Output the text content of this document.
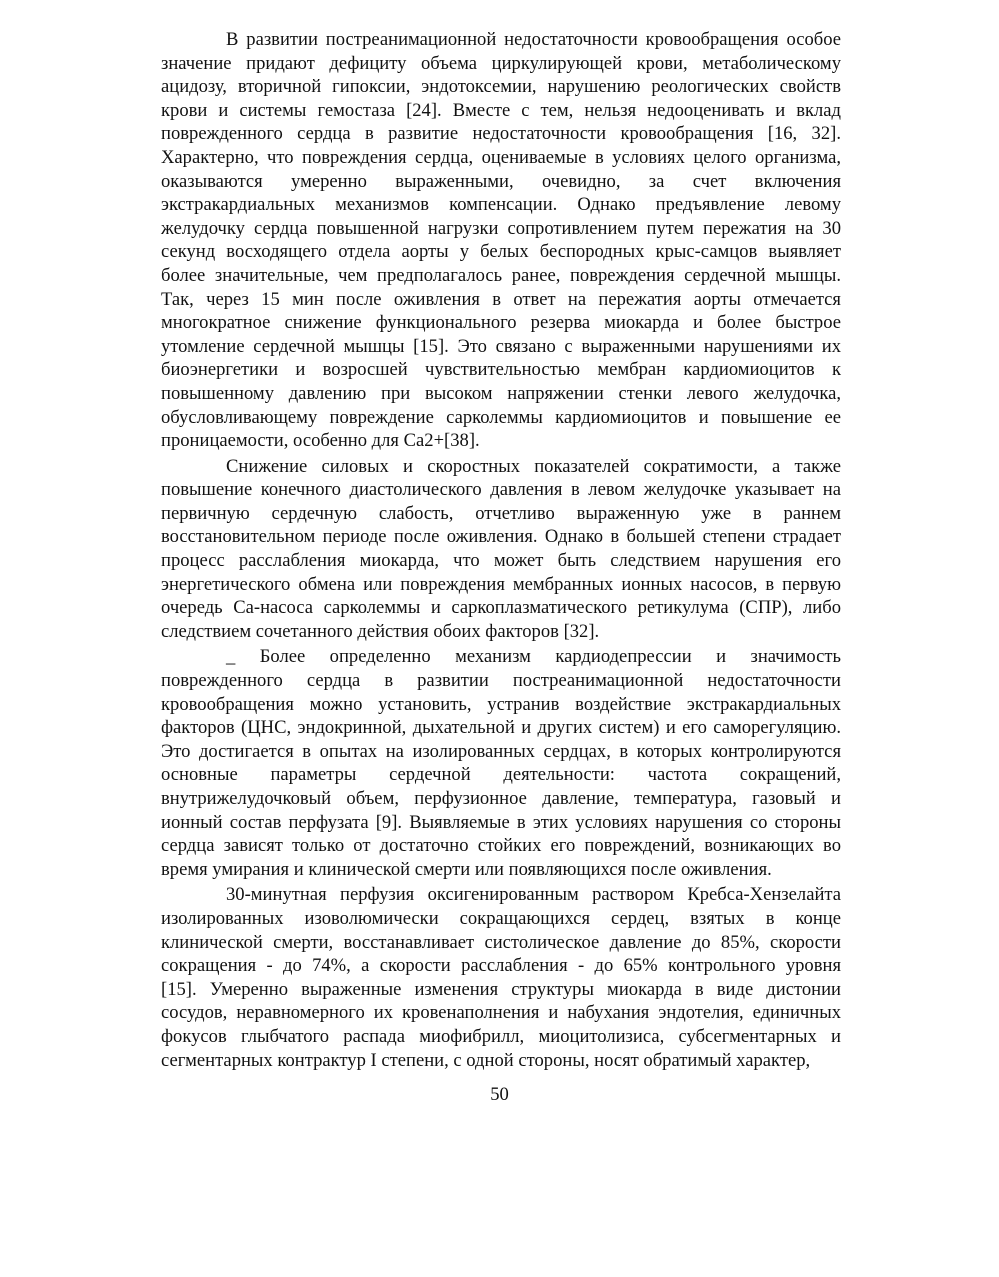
В развитии постреанимационной недостаточности кровообращения особое
значение придают дефициту объема циркулирующей крови, метаболическому
ацидозу, вторичной гипоксии, эндотоксемии, нарушению реологических свойств
крови и системы гемостаза [24]. Вместе с тем, нельзя недооценивать и вклад
поврежденного сердца в развитие недостаточности кровообращения [16, 32].
Характерно, что повреждения сердца, оцениваемые в условиях целого организма,
оказываются умеренно выраженными, очевидно, за счет включения
экстракардиальных механизмов компенсации. Однако предъявление левому
желудочку сердца повышенной нагрузки сопротивлением путем пережатия на 30
секунд восходящего отдела аорты у белых беспородных крыс-самцов выявляет
более значительные, чем предполагалось ранее, повреждения сердечной мышцы.
Так, через 15 мин после оживления в ответ на пережатия аорты отмечается
многократное снижение функционального резерва миокарда и более быстрое
утомление сердечной мышцы [15]. Это связано с выраженными нарушениями их
биоэнергетики и возросшей чувствительностью мембран кардиомиоцитов к
повышенному давлению при высоком напряжении стенки левого желудочка,
обусловливающему повреждение сарколеммы кардиомиоцитов и повышение ее
проницаемости, особенно для Са2+[38].
Снижение силовых и скоростных показателей сократимости, а также
повышение конечного диастолического давления в левом желудочке указывает на
первичную сердечную слабость, отчетливо выраженную уже в раннем
восстановительном периоде после оживления. Однако в большей степени страдает
процесс расслабления миокарда, что может быть следствием нарушения его
энергетического обмена или повреждения мембранных ионных насосов, в первую
очередь Са-насоса сарколеммы и саркоплазматического ретикулума (СПР), либо
следствием сочетанного действия обоих факторов [32].
_ Более определенно механизм кардиодепрессии и значимость
поврежденного сердца в развитии постреанимационной недостаточности
кровообращения можно установить, устранив воздействие экстракардиальных
факторов (ЦНС, эндокринной, дыхательной и других систем) и его саморегуляцию.
Это достигается в опытах на изолированных сердцах, в которых контролируются
основные параметры сердечной деятельности: частота сокращений,
внутрижелудочковый объем, перфузионное давление, температура, газовый и
ионный состав перфузата [9]. Выявляемые в этих условиях нарушения со стороны
сердца зависят только от достаточно стойких его повреждений, возникающих во
время умирания и клинической смерти или появляющихся после оживления.
30-минутная перфузия оксигенированным раствором Кребса-Хензелайта
изолированных изоволюмически сокращающихся сердец, взятых в конце
клинической смерти, восстанавливает систолическое давление до 85%, скорости
сокращения - до 74%, а скорости расслабления - до 65% контрольного уровня
[15]. Умеренно выраженные изменения структуры миокарда в виде дистонии
сосудов, неравномерного их кровенаполнения и набухания эндотелия, единичных
фокусов глыбчатого распада миофибрилл, миоцитолизиса, субсегментарных и
сегментарных контрактур I степени, с одной стороны, носят обратимый характер,
50
